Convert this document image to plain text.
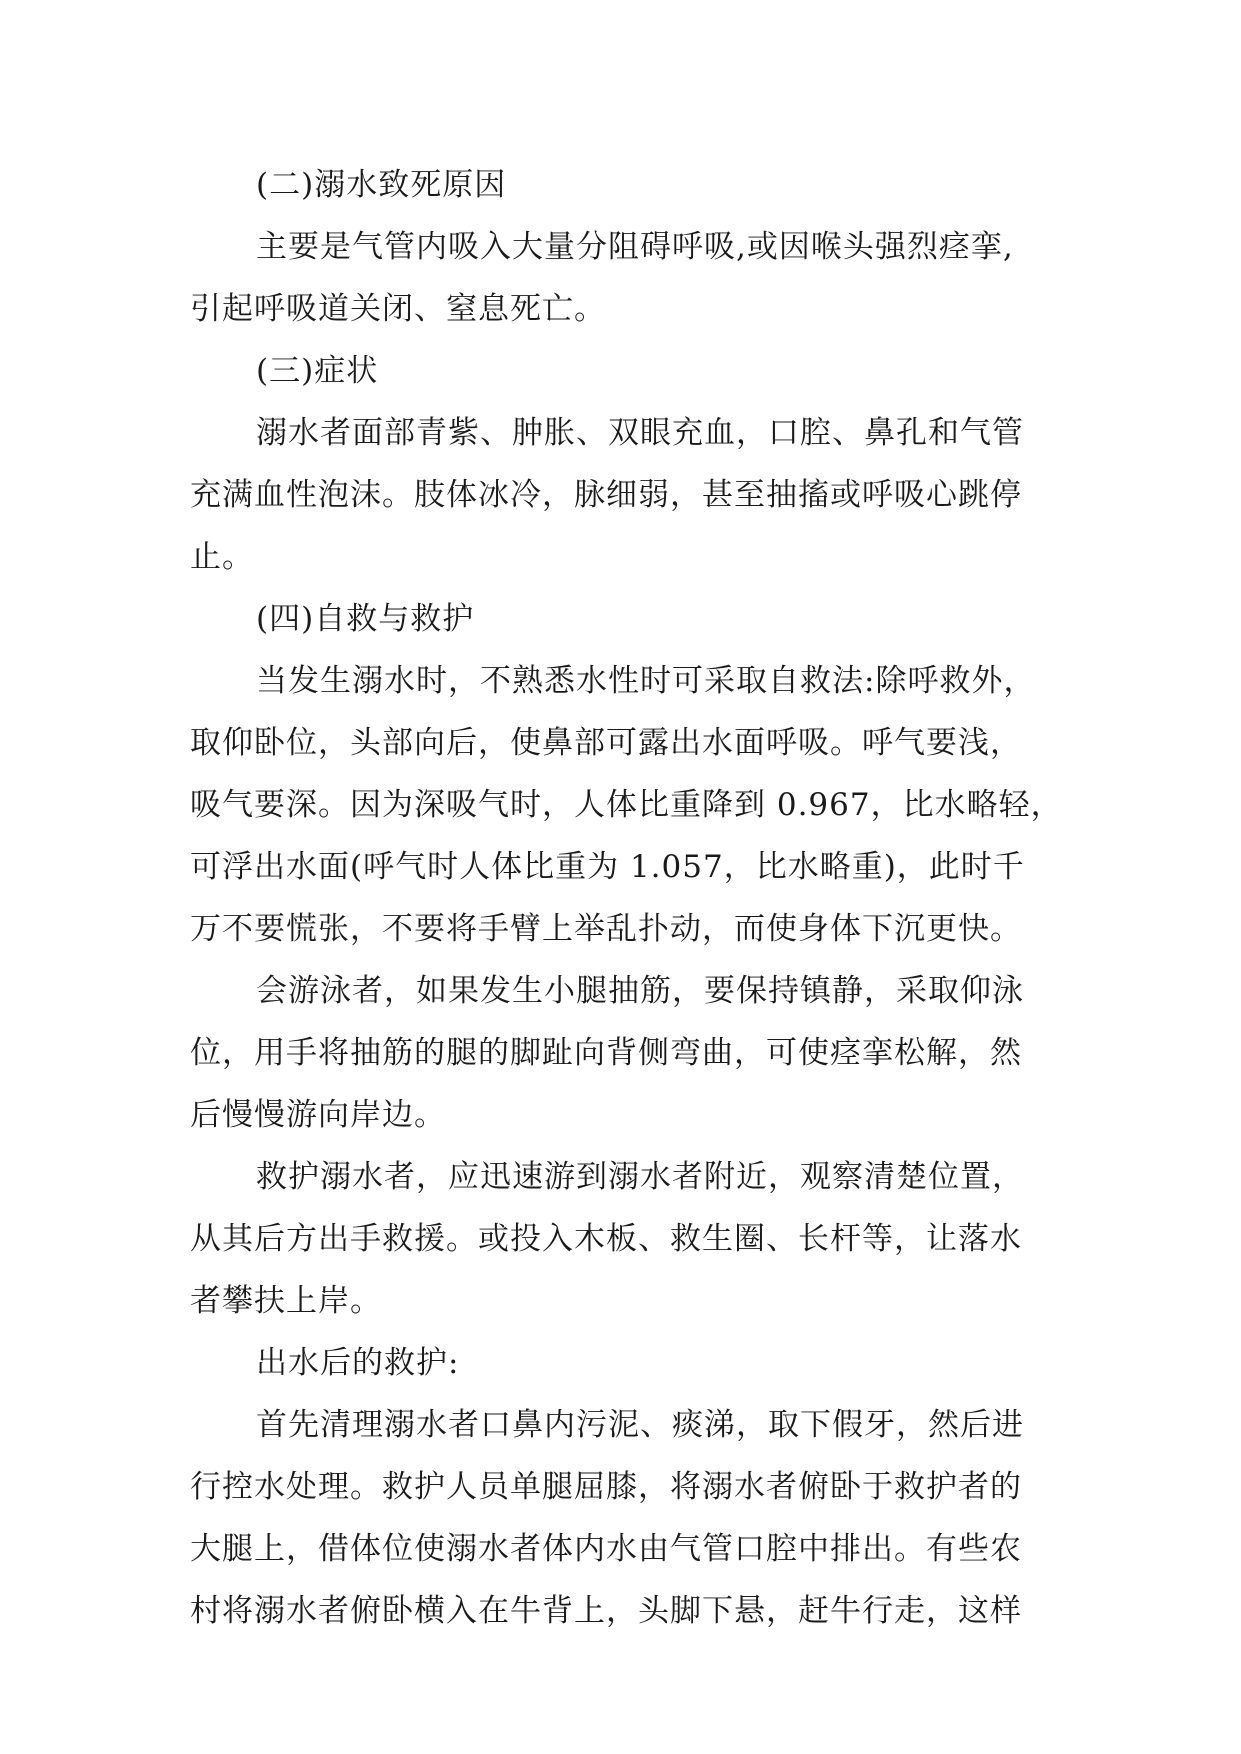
(二)溺水致死原因
主要是气管内吸入大量分阻碍呼吸,或因喉头强烈痉挛,
引起呼吸道关闭、窒息死亡。
(三)症状
溺水者面部青紫、肿胀、双眼充血，口腔、鼻孔和气管
充满血性泡沫。肢体冰冷，脉细弱，甚至抽搐或呼吸心跳停
止。
(四)自救与救护
当发生溺水时，不熟悉水性时可采取自救法:除呼救外，
取仰卧位，头部向后，使鼻部可露出水面呼吸。呼气要浅，
吸气要深。因为深吸气时，人体比重降到 0.967，比水略轻，
可浮出水面(呼气时人体比重为 1.057，比水略重)，此时千
万不要慌张，不要将手臂上举乱扑动，而使身体下沉更快。
会游泳者，如果发生小腿抽筋，要保持镇静，采取仰泳
位，用手将抽筋的腿的脚趾向背侧弯曲，可使痉挛松解，然
后慢慢游向岸边。
救护溺水者，应迅速游到溺水者附近，观察清楚位置，
从其后方出手救援。或投入木板、救生圈、长杆等，让落水
者攀扶上岸。
出水后的救护:
首先清理溺水者口鼻内污泥、痰涕，取下假牙，然后进
行控水处理。救护人员单腿屈膝，将溺水者俯卧于救护者的
大腿上，借体位使溺水者体内水由气管口腔中排出。有些农
村将溺水者俯卧横入在牛背上，头脚下悬，赶牛行走，这样
